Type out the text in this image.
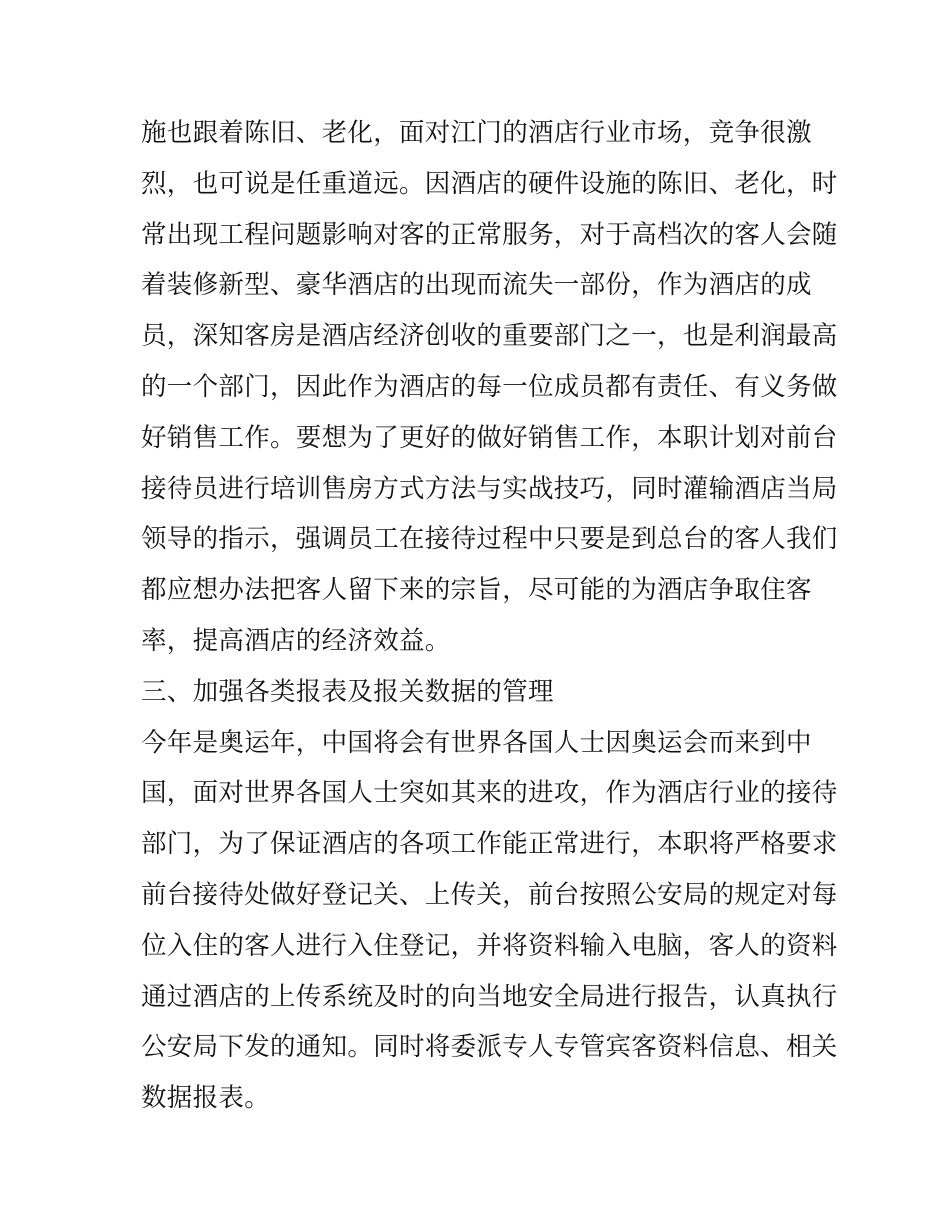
施也跟着陈旧、老化，面对江门的酒店行业市场，竞争很激
烈，也可说是任重道远。因酒店的硬件设施的陈旧、老化，时
常出现工程问题影响对客的正常服务，对于高档次的客人会随
着装修新型、豪华酒店的出现而流失一部份，作为酒店的成
员，深知客房是酒店经济创收的重要部门之一，也是利润最高
的一个部门，因此作为酒店的每一位成员都有责任、有义务做
好销售工作。要想为了更好的做好销售工作，本职计划对前台
接待员进行培训售房方式方法与实战技巧，同时灌输酒店当局
领导的指示，强调员工在接待过程中只要是到总台的客人我们
都应想办法把客人留下来的宗旨，尽可能的为酒店争取住客
率，提高酒店的经济效益。
三、加强各类报表及报关数据的管理
今年是奥运年，中国将会有世界各国人士因奥运会而来到中
国，面对世界各国人士突如其来的进攻，作为酒店行业的接待
部门，为了保证酒店的各项工作能正常进行，本职将严格要求
前台接待处做好登记关、上传关，前台按照公安局的规定对每
位入住的客人进行入住登记，并将资料输入电脑，客人的资料
通过酒店的上传系统及时的向当地安全局进行报告，认真执行
公安局下发的通知。同时将委派专人专管宾客资料信息、相关
数据报表。
